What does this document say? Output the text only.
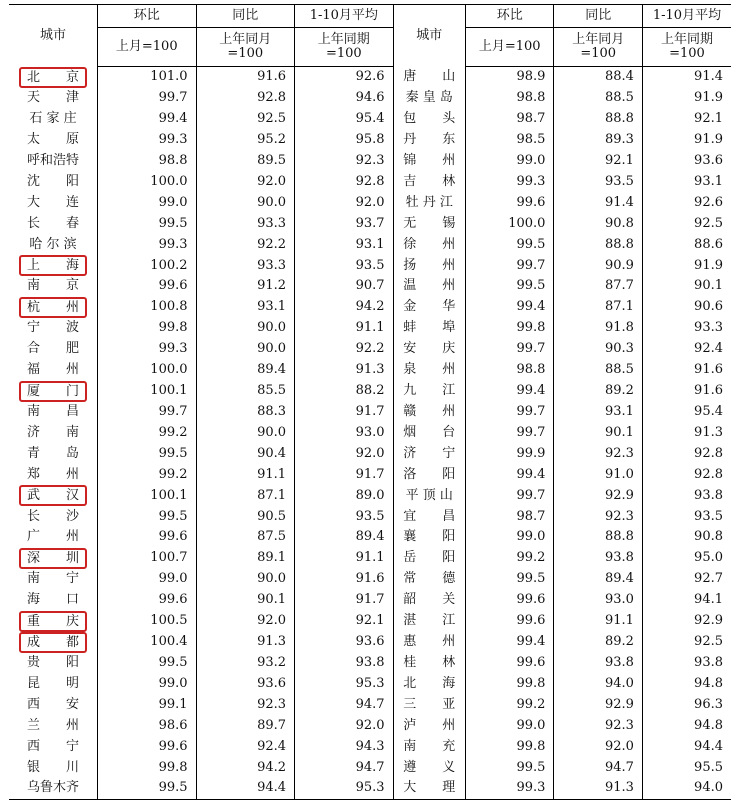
城市	环比	同比	1-10月平均	城市	环比	同比	1-10月平均
	上月=100	上年同月
=100	上年同期
=100		上月=100	上年同月
=100	上年同期
=100
北　　京	101.0	91.6	92.6	唐　　山	98.9	88.4	91.4
天　　津	99.7	92.8	94.6	秦 皇 岛	98.8	88.5	91.9
石 家 庄	99.4	92.5	95.4	包　　头	98.7	88.8	92.1
太　　原	99.3	95.2	95.8	丹　　东	98.5	89.3	91.9
呼和浩特	98.8	89.5	92.3	锦　　州	99.0	92.1	93.6
沈　　阳	100.0	92.0	92.8	吉　　林	99.3	93.5	93.1
大　　连	99.0	90.0	92.0	牡 丹 江	99.6	91.4	92.6
长　　春	99.5	93.3	93.7	无　　锡	100.0	90.8	92.5
哈 尔 滨	99.3	92.2	93.1	徐　　州	99.5	88.8	88.6
上　　海	100.2	93.3	93.5	扬　　州	99.7	90.9	91.9
南　　京	99.6	91.2	90.7	温　　州	99.5	87.7	90.1
杭　　州	100.8	93.1	94.2	金　　华	99.4	87.1	90.6
宁　　波	99.8	90.0	91.1	蚌　　埠	99.8	91.8	93.3
合　　肥	99.3	90.0	92.2	安　　庆	99.7	90.3	92.4
福　　州	100.0	89.4	91.3	泉　　州	98.8	88.5	91.6
厦　　门	100.1	85.5	88.2	九　　江	99.4	89.2	91.6
南　　昌	99.7	88.3	91.7	赣　　州	99.7	93.1	95.4
济　　南	99.2	90.0	93.0	烟　　台	99.7	90.1	91.3
青　　岛	99.5	90.4	92.0	济　　宁	99.9	92.3	92.8
郑　　州	99.2	91.1	91.7	洛　　阳	99.4	91.0	92.8
武　　汉	100.1	87.1	89.0	平 顶 山	99.7	92.9	93.8
长　　沙	99.5	90.5	93.5	宜　　昌	98.7	92.3	93.5
广　　州	99.6	87.5	89.4	襄　　阳	99.0	88.8	90.8
深　　圳	100.7	89.1	91.1	岳　　阳	99.2	93.8	95.0
南　　宁	99.0	90.0	91.6	常　　德	99.5	89.4	92.7
海　　口	99.6	90.1	91.7	韶　　关	99.6	93.0	94.1
重　　庆	100.5	92.0	92.1	湛　　江	99.6	91.1	92.9
成　　都	100.4	91.3	93.6	惠　　州	99.4	89.2	92.5
贵　　阳	99.5	93.2	93.8	桂　　林	99.6	93.8	93.8
昆　　明	99.0	93.6	95.3	北　　海	99.8	94.0	94.8
西　　安	99.1	92.3	94.7	三　　亚	99.2	92.9	96.3
兰　　州	98.6	89.7	92.0	泸　　州	99.0	92.3	94.8
西　　宁	99.6	92.4	94.3	南　　充	99.8	92.0	94.4
银　　川	99.8	94.2	94.7	遵　　义	99.5	94.7	95.5
乌鲁木齐	99.5	94.4	95.3	大　　理	99.3	91.3	94.0
